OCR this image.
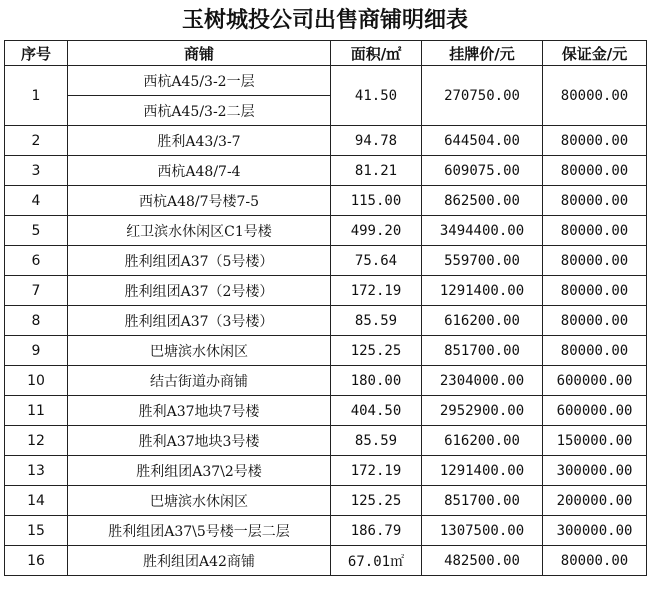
玉树城投公司出售商铺明细表
序号	商铺	面积/㎡	挂牌价/元	保证金/元
1	西杭A45/3-2一层	41.50	270750.00	80000.00
	西杭A45/3-2二层			
2	胜利A43/3-7	94.78	644504.00	80000.00
3	西杭A48/7-4	81.21	609075.00	80000.00
4	西杭A48/7号楼7-5	115.00	862500.00	80000.00
5	红卫滨水休闲区C1号楼	499.20	3494400.00	80000.00
6	胜利组团A37（5号楼）	75.64	559700.00	80000.00
7	胜利组团A37（2号楼）	172.19	1291400.00	80000.00
8	胜利组团A37（3号楼）	85.59	616200.00	80000.00
9	巴塘滨水休闲区	125.25	851700.00	80000.00
10	结古街道办商铺	180.00	2304000.00	600000.00
11	胜利A37地块7号楼	404.50	2952900.00	600000.00
12	胜利A37地块3号楼	85.59	616200.00	150000.00
13	胜利组团A37\2号楼	172.19	1291400.00	300000.00
14	巴塘滨水休闲区	125.25	851700.00	200000.00
15	胜利组团A37\5号楼一层二层	186.79	1307500.00	300000.00
16	胜利组团A42商铺	67.01㎡	482500.00	80000.00
